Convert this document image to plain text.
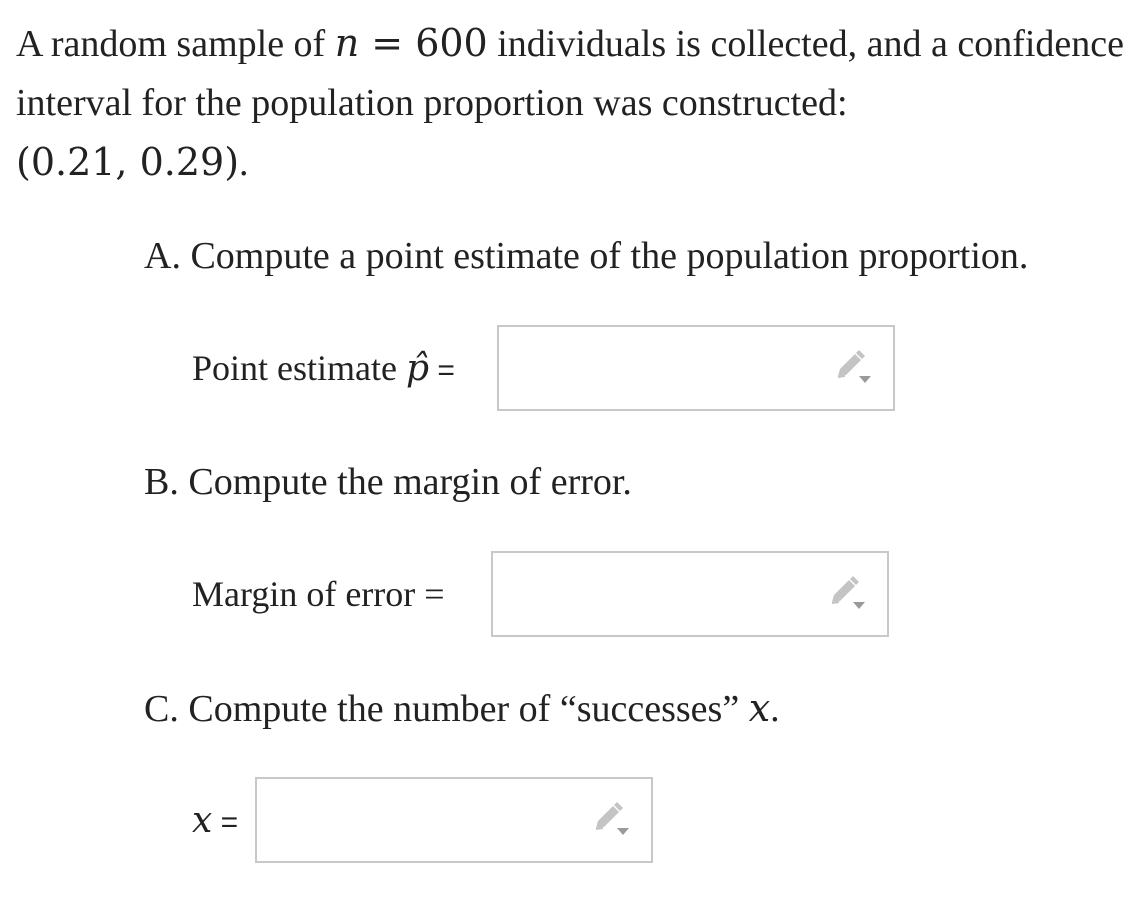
A random sample of n = 600 individuals is collected, and a confidence interval for the population proportion was constructed:
(0.21, 0.29).

A. Compute a point estimate of the population proportion.

Point estimate p̂ =

B. Compute the margin of error.

Margin of error =

C. Compute the number of “successes” x.

x =
